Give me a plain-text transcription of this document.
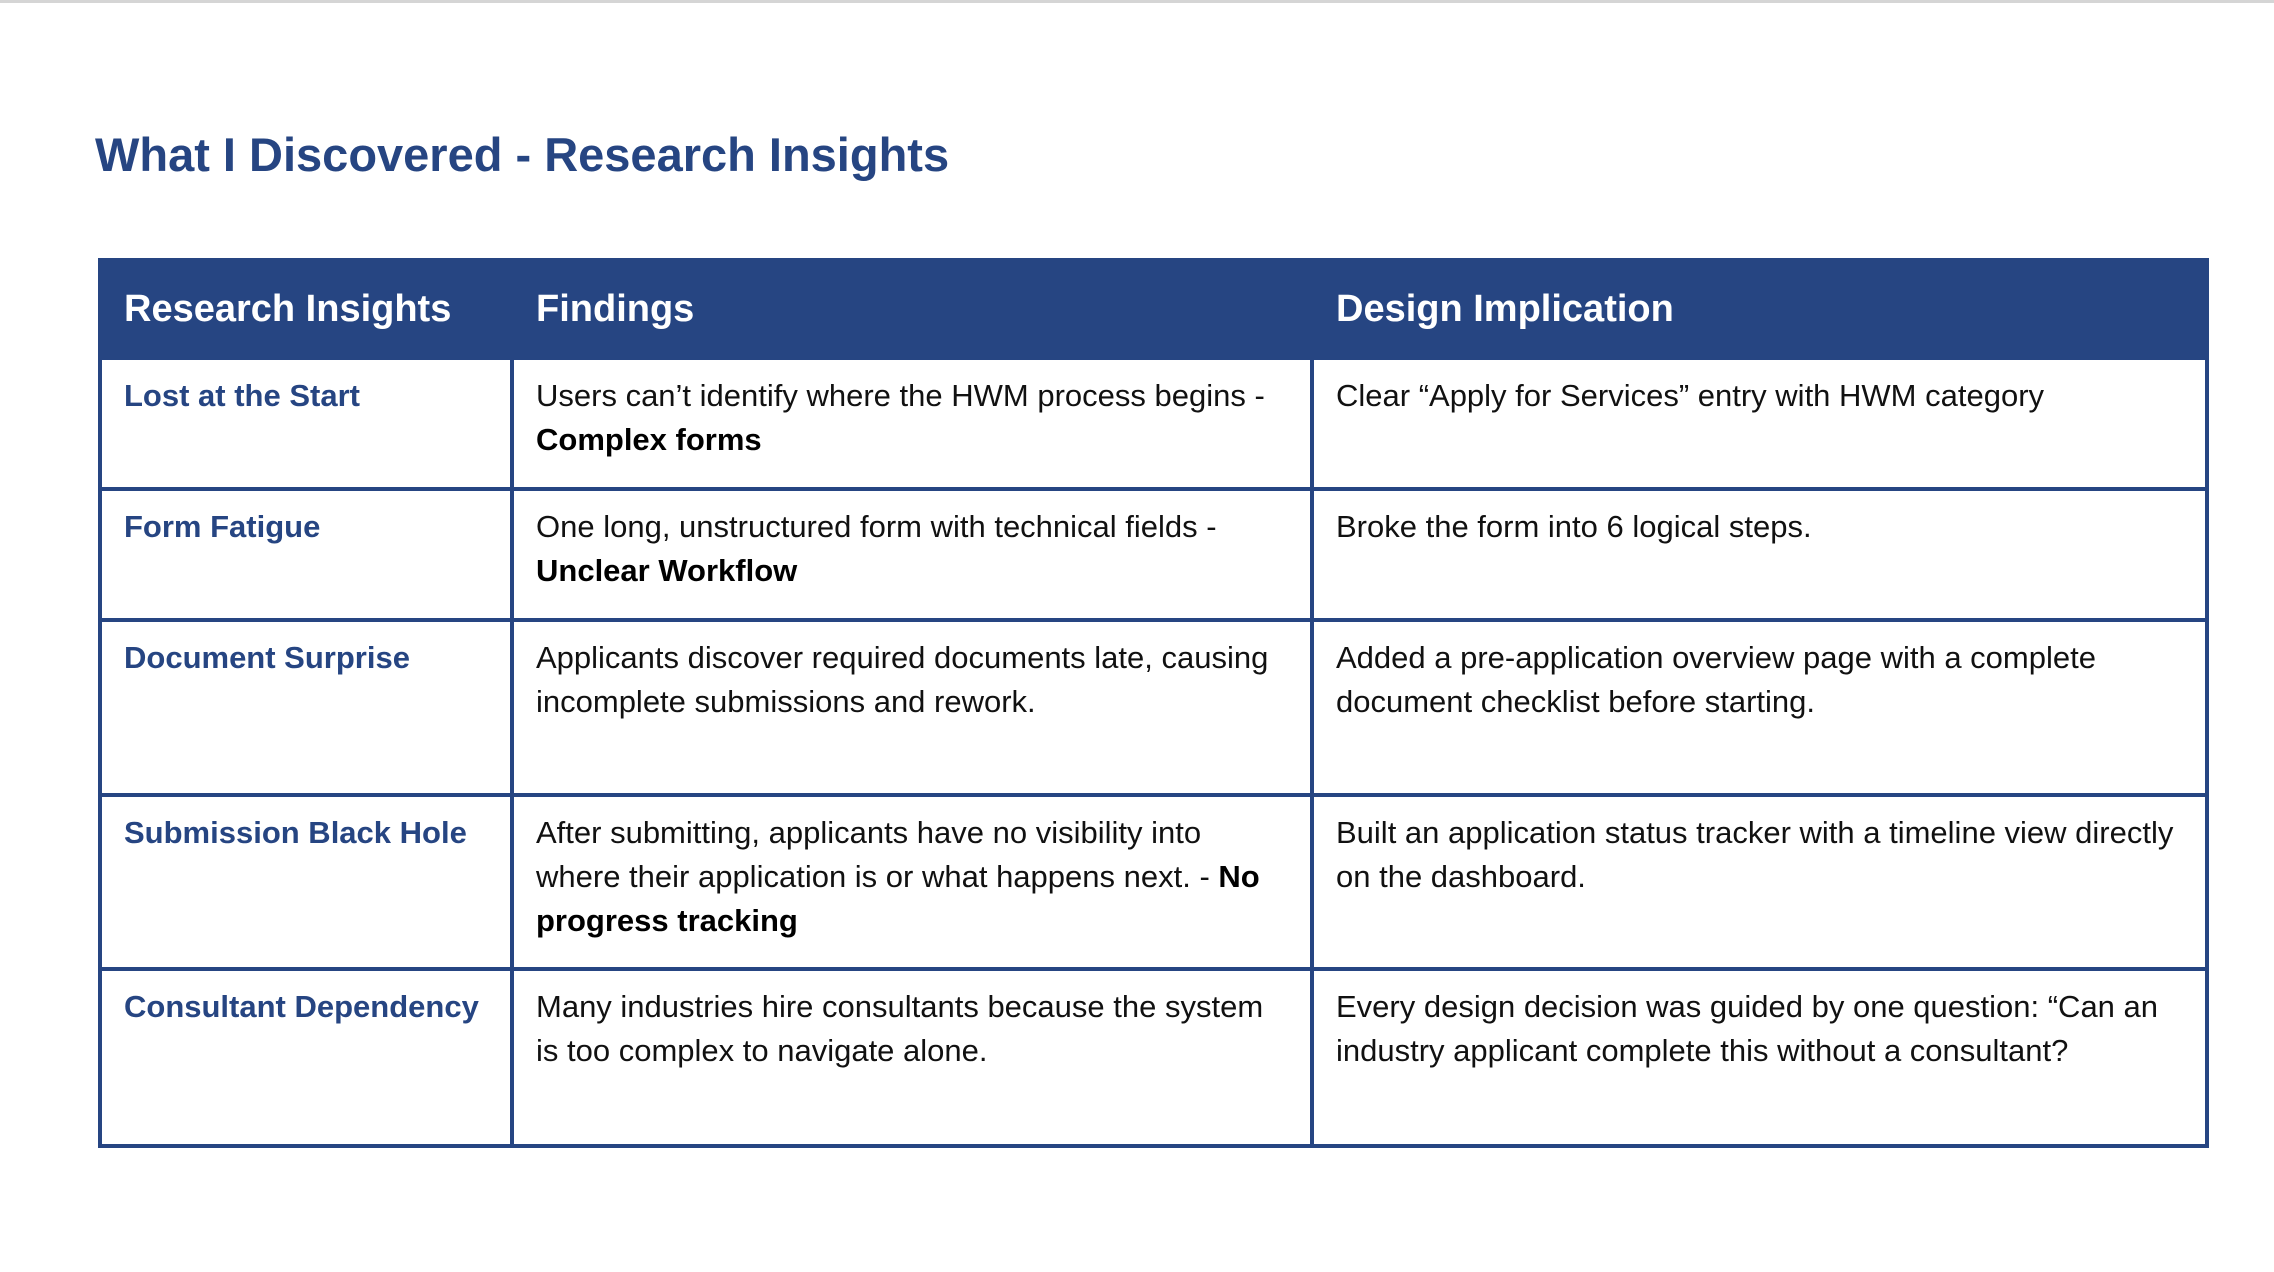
What I Discovered - Research Insights
Research Insights	Findings	Design Implication
Lost at the Start	Users can’t identify where the HWM process begins - Complex forms	Clear “Apply for Services” entry with HWM category
Form Fatigue	One long, unstructured form with technical fields - Unclear Workflow	Broke the form into 6 logical steps.
Document Surprise	Applicants discover required documents late, causing incomplete submissions and rework.	Added a pre-application overview page with a complete document checklist before starting.
Submission Black Hole	After submitting, applicants have no visibility into where their application is or what happens next. - No progress tracking	Built an application status tracker with a timeline view directly on the dashboard.
Consultant Dependency	Many industries hire consultants because the system is too complex to navigate alone.	Every design decision was guided by one question: “Can an industry applicant complete this without a consultant?
